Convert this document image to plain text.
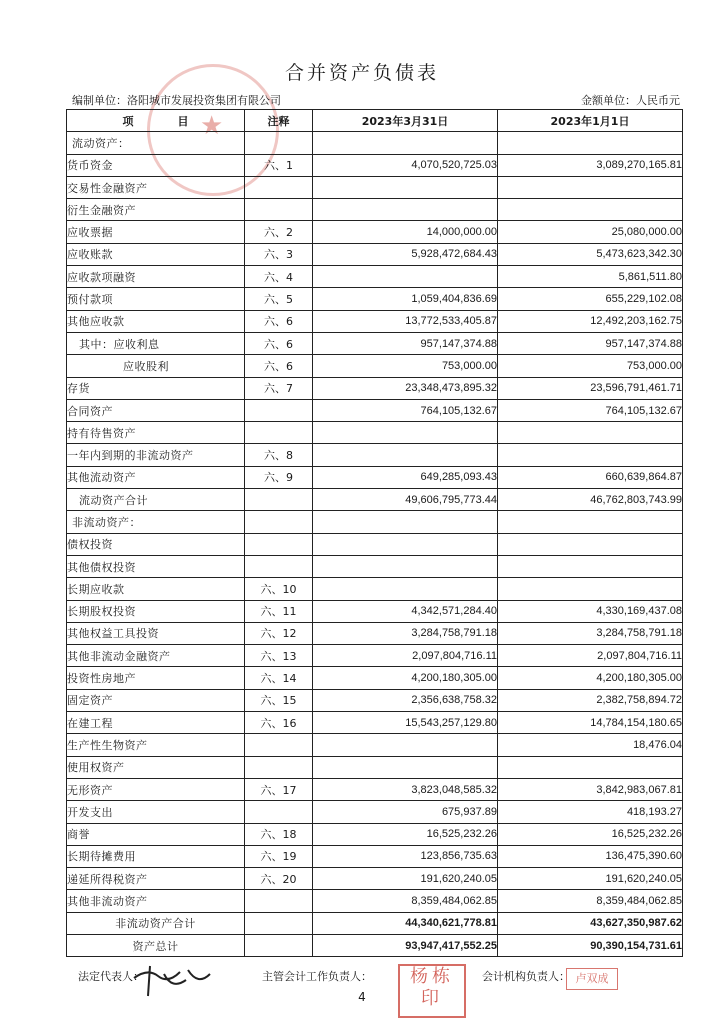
★
合并资产负债表
编制单位：洛阳城市发展投资集团有限公司	金额单位：人民币元
项　　　　目	注释	2023年3月31日	2023年1月1日
流动资产：			
货币资金	六、1	4,070,520,725.03	3,089,270,165.81
交易性金融资产			
衍生金融资产			
应收票据	六、2	14,000,000.00	25,080,000.00
应收账款	六、3	5,928,472,684.43	5,473,623,342.30
应收款项融资	六、4		5,861,511.80
预付款项	六、5	1,059,404,836.69	655,229,102.08
其他应收款	六、6	13,772,533,405.87	12,492,203,162.75
其中：应收利息	六、6	957,147,374.88	957,147,374.88
应收股利	六、6	753,000.00	753,000.00
存货	六、7	23,348,473,895.32	23,596,791,461.71
合同资产		764,105,132.67	764,105,132.67
持有待售资产			
一年内到期的非流动资产	六、8		
其他流动资产	六、9	649,285,093.43	660,639,864.87
流动资产合计		49,606,795,773.44	46,762,803,743.99
非流动资产：			
债权投资			
其他债权投资			
长期应收款	六、10		
长期股权投资	六、11	4,342,571,284.40	4,330,169,437.08
其他权益工具投资	六、12	3,284,758,791.18	3,284,758,791.18
其他非流动金融资产	六、13	2,097,804,716.11	2,097,804,716.11
投资性房地产	六、14	4,200,180,305.00	4,200,180,305.00
固定资产	六、15	2,356,638,758.32	2,382,758,894.72
在建工程	六、16	15,543,257,129.80	14,784,154,180.65
生产性生物资产			18,476.04
使用权资产			
无形资产	六、17	3,823,048,585.32	3,842,983,067.81
开发支出		675,937.89	418,193.27
商誉	六、18	16,525,232.26	16,525,232.26
长期待摊费用	六、19	123,856,735.63	136,475,390.60
递延所得税资产	六、20	191,620,240.05	191,620,240.05
其他非流动资产		8,359,484,062.85	8,359,484,062.85
非流动资产合计		44,340,621,778.81	43,627,350,987.62
资产总计		93,947,417,552.25	90,390,154,731.61
法定代表人：	主管会计工作负责人：	杨栋印
会计机构负责人： 卢双成
4
